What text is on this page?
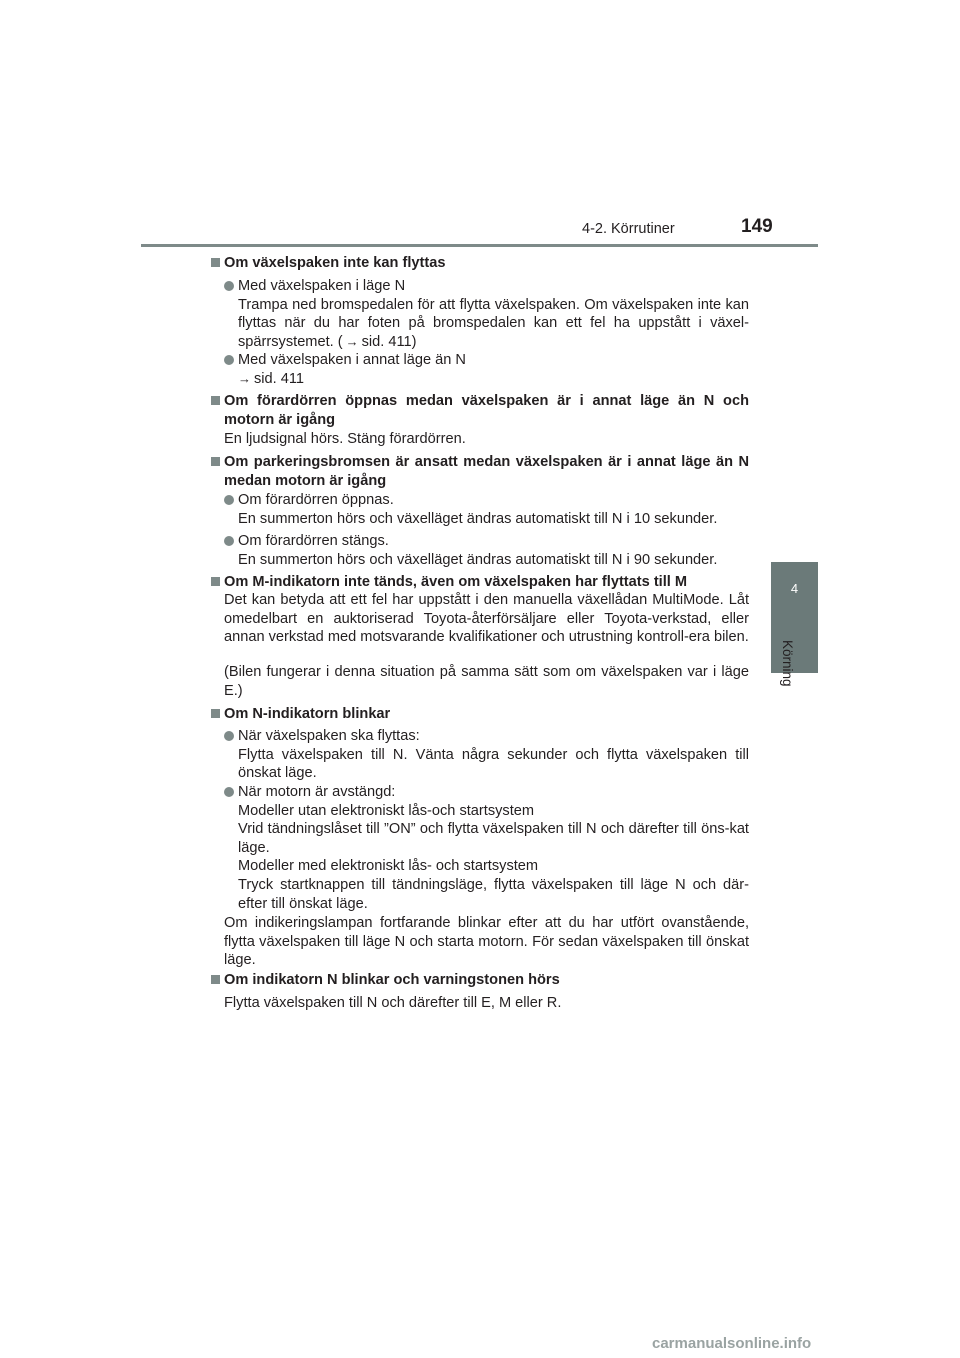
4-2. Körrutiner	149
4
Körning
Om växelspaken inte kan flyttas
Med växelspaken i läge N
Trampa ned bromspedalen för att flytta växelspaken. Om växelspaken inte kan flyttas när du har foten på bromspedalen kan ett fel ha uppstått i växel-spärrsystemet. ( → sid. 411)
Med växelspaken i annat läge än N
→ sid. 411
Om förardörren öppnas medan växelspaken är i annat läge än N och motorn är igång
En ljudsignal hörs. Stäng förardörren.
Om parkeringsbromsen är ansatt medan växelspaken är i annat läge än N medan motorn är igång
Om förardörren öppnas.
En summerton hörs och växelläget ändras automatiskt till N i 10 sekunder.
Om förardörren stängs.
En summerton hörs och växelläget ändras automatiskt till N i 90 sekunder.
Om M-indikatorn inte tänds, även om växelspaken har flyttats till M
Det kan betyda att ett fel har uppstått i den manuella växellådan MultiMode. Låt omedelbart en auktoriserad Toyota-återförsäljare eller Toyota-verkstad, eller annan verkstad med motsvarande kvalifikationer och utrustning kontroll-era bilen.
(Bilen fungerar i denna situation på samma sätt som om växelspaken var i läge E.)
Om N-indikatorn blinkar
När växelspaken ska flyttas:
Flytta växelspaken till N. Vänta några sekunder och flytta växelspaken till önskat läge.
När motorn är avstängd:
Modeller utan elektroniskt lås-och startsystem
Vrid tändningslåset till ”ON” och flytta växelspaken till N och därefter till öns-kat läge.
Modeller med elektroniskt lås- och startsystem
Tryck startknappen till tändningsläge, flytta växelspaken till läge N och där-efter till önskat läge.
Om indikeringslampan fortfarande blinkar efter att du har utfört ovanstående, flytta växelspaken till läge N och starta motorn. För sedan växelspaken till önskat läge.
Om indikatorn N blinkar och varningstonen hörs
Flytta växelspaken till N och därefter till E, M eller R.
carmanualsonline.info
